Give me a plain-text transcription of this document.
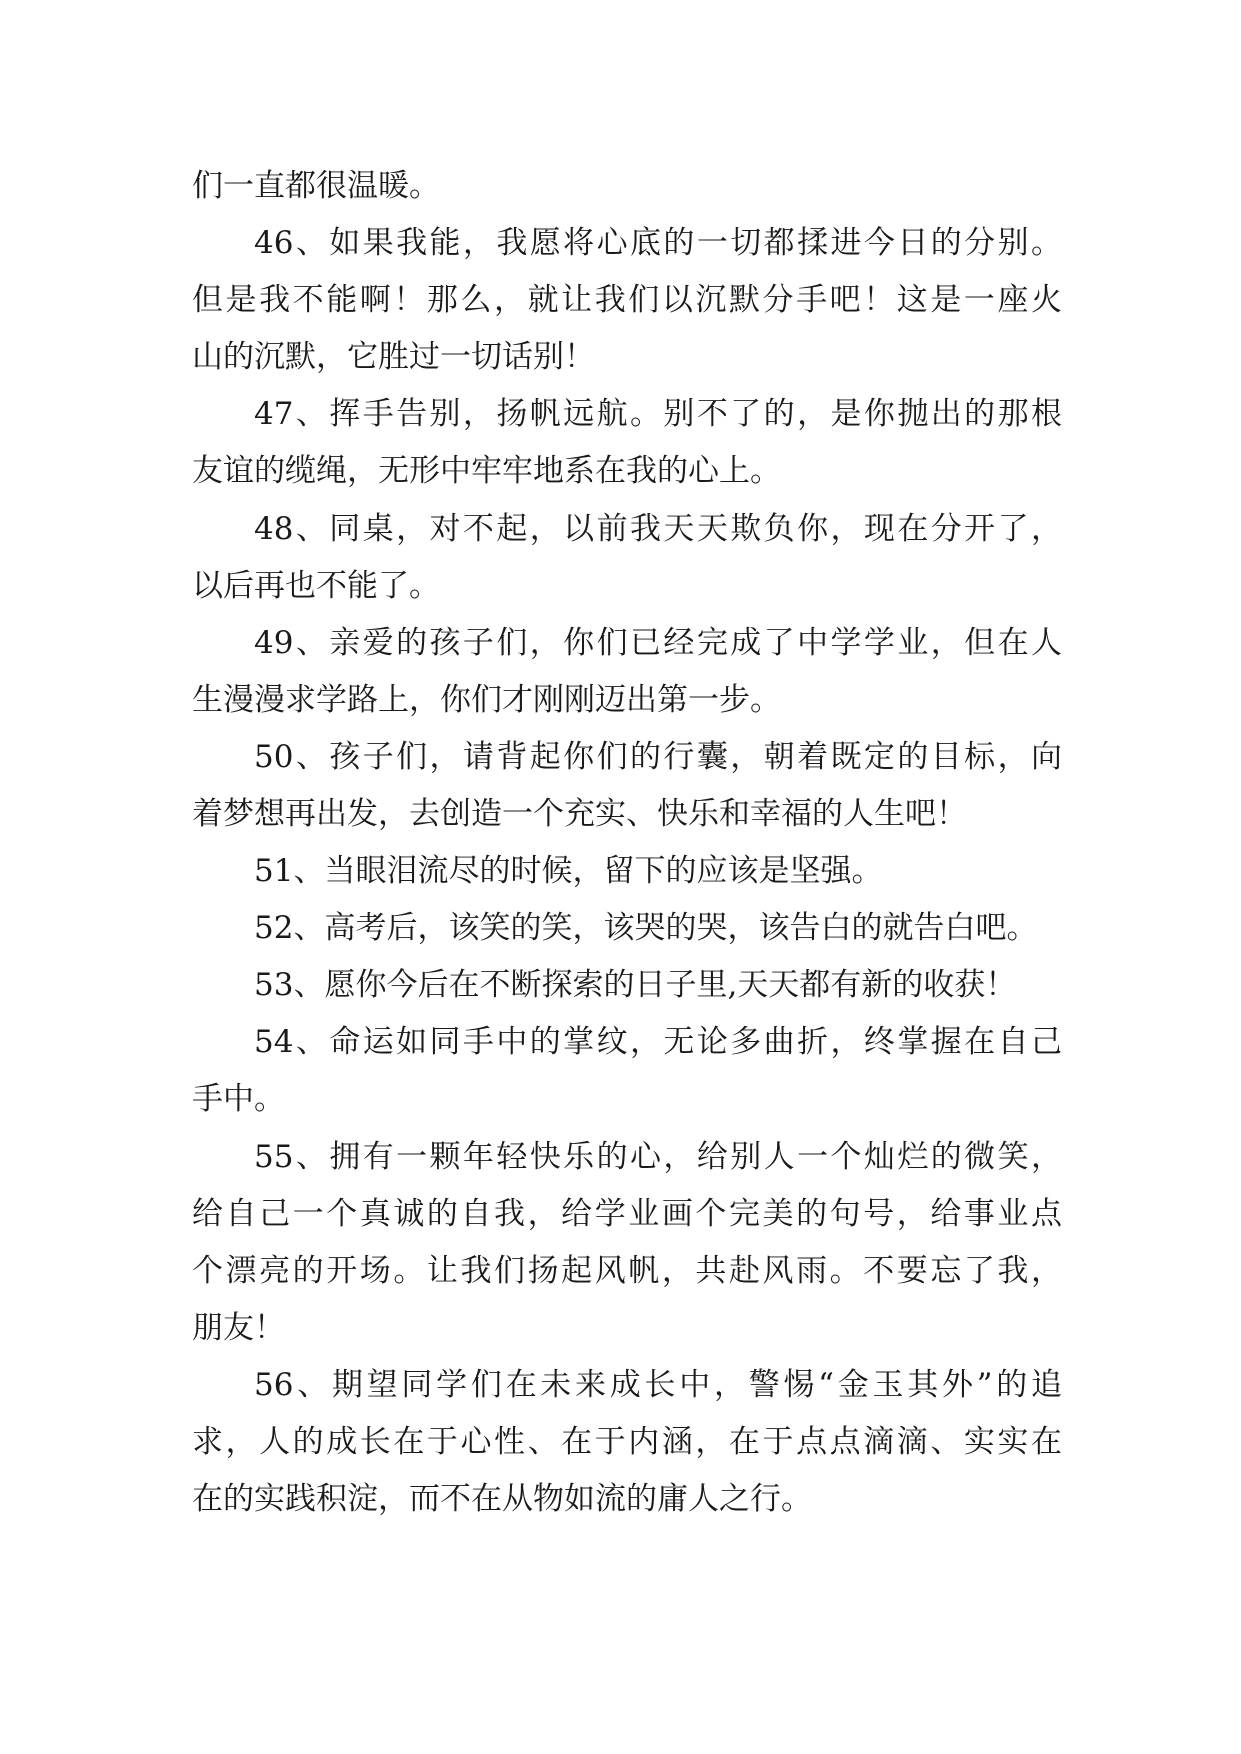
们一直都很温暖。
46、如果我能，我愿将心底的一切都揉进今日的分别。
但是我不能啊！那么，就让我们以沉默分手吧！这是一座火
山的沉默，它胜过一切话别！
47、挥手告别，扬帆远航。别不了的，是你抛出的那根
友谊的缆绳，无形中牢牢地系在我的心上。
48、同桌，对不起，以前我天天欺负你，现在分开了，
以后再也不能了。
49、亲爱的孩子们，你们已经完成了中学学业，但在人
生漫漫求学路上，你们才刚刚迈出第一步。
50、孩子们，请背起你们的行囊，朝着既定的目标，向
着梦想再出发，去创造一个充实、快乐和幸福的人生吧！
51、当眼泪流尽的时候，留下的应该是坚强。
52、高考后，该笑的笑，该哭的哭，该告白的就告白吧。
53、愿你今后在不断探索的日子里,天天都有新的收获！
54、命运如同手中的掌纹，无论多曲折，终掌握在自己
手中。
55、拥有一颗年轻快乐的心，给别人一个灿烂的微笑，
给自己一个真诚的自我，给学业画个完美的句号，给事业点
个漂亮的开场。让我们扬起风帆，共赴风雨。不要忘了我，
朋友！
56、期望同学们在未来成长中，警惕“金玉其外”的追
求，人的成长在于心性、在于内涵，在于点点滴滴、实实在
在的实践积淀，而不在从物如流的庸人之行。
